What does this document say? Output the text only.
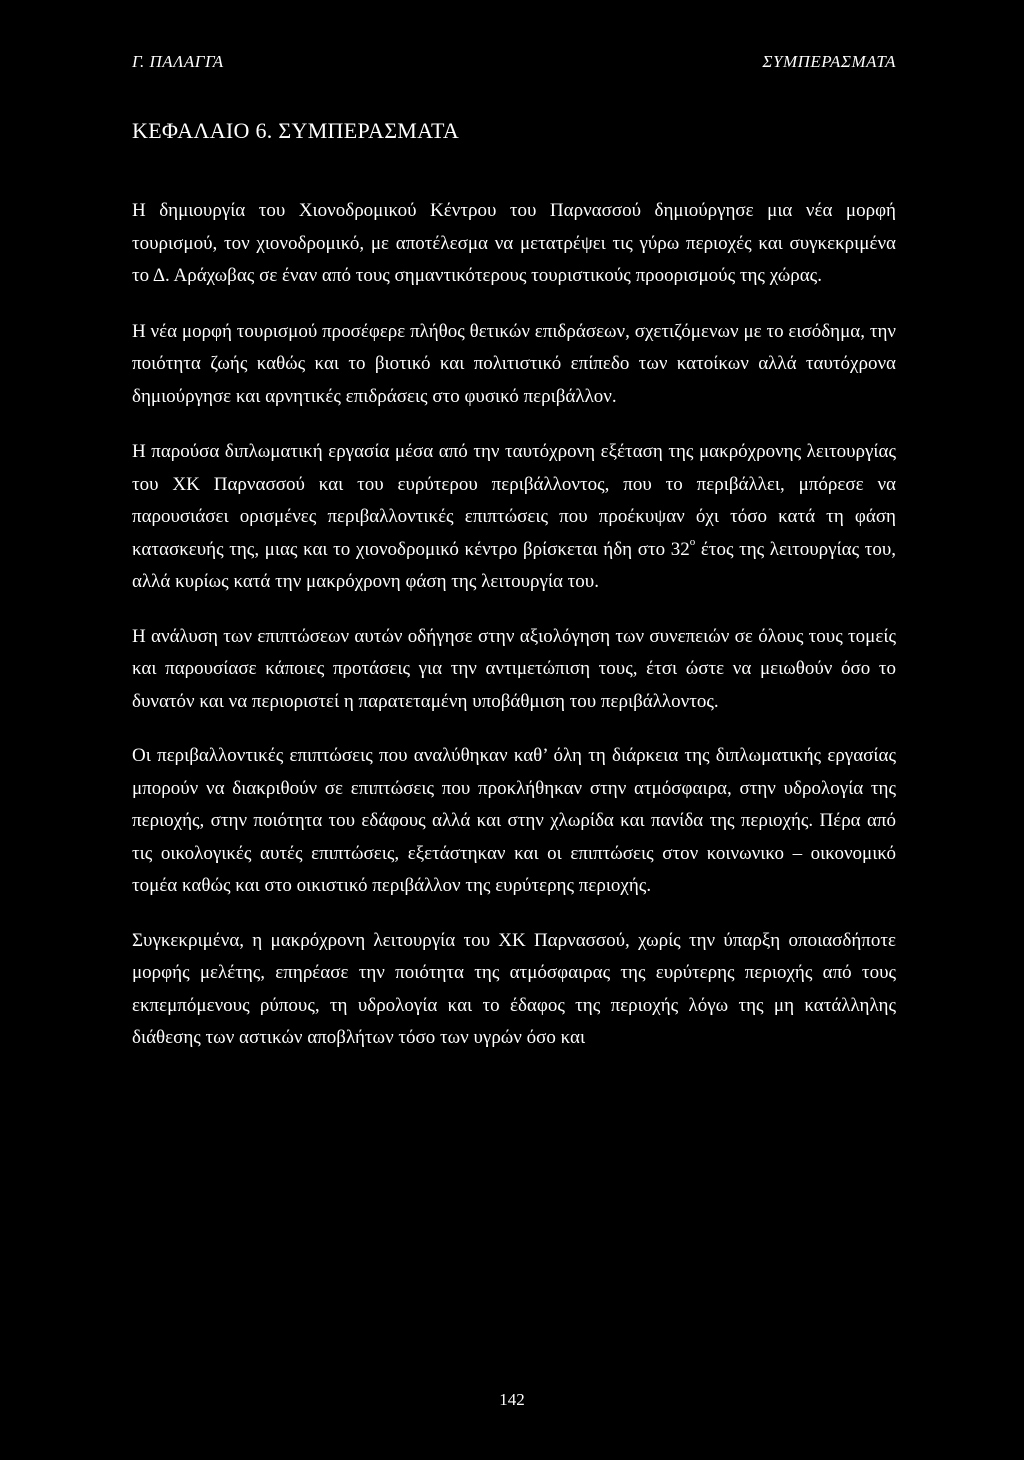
Γ. ΠΑΛΑΓΓΑ	ΣΥΜΠΕΡΑΣΜΑΤΑ
ΚΕΦΑΛΑΙΟ 6. ΣΥΜΠΕΡΑΣΜΑΤΑ

Η δημιουργία του Χιονοδρομικού Κέντρου του Παρνασσού δημιούργησε μια νέα μορφή τουρισμού, τον χιονοδρομικό, με αποτέλεσμα να μετατρέψει τις γύρω περιοχές και συγκεκριμένα το Δ. Αράχωβας σε έναν από τους σημαντικότερους τουριστικούς προορισμούς της χώρας.

Η νέα μορφή τουρισμού προσέφερε πλήθος θετικών επιδράσεων, σχετιζόμενων με το εισόδημα, την ποιότητα ζωής καθώς και το βιοτικό και πολιτιστικό επίπεδο των κατοίκων αλλά ταυτόχρονα δημιούργησε και αρνητικές επιδράσεις στο φυσικό περιβάλλον.

Η παρούσα διπλωματική εργασία μέσα από την ταυτόχρονη εξέταση της μακρόχρονης λειτουργίας του ΧΚ Παρνασσού και του ευρύτερου περιβάλλοντος, που το περιβάλλει, μπόρεσε να παρουσιάσει ορισμένες περιβαλλοντικές επιπτώσεις που προέκυψαν όχι τόσο κατά τη φάση κατασκευής της, μιας και το χιονοδρομικό κέντρο βρίσκεται ήδη στο $32^o$ έτος της λειτουργίας του, αλλά κυρίως κατά την μακρόχρονη φάση της λειτουργία του.

Η ανάλυση των επιπτώσεων αυτών οδήγησε στην αξιολόγηση των συνεπειών σε όλους τους τομείς και παρουσίασε κάποιες προτάσεις για την αντιμετώπιση τους, έτσι ώστε να μειωθούν όσο το δυνατόν και να περιοριστεί η παρατεταμένη υποβάθμιση του περιβάλλοντος.

Οι περιβαλλοντικές επιπτώσεις που αναλύθηκαν καθ’ όλη τη διάρκεια της διπλωματικής εργασίας μπορούν να διακριθούν σε επιπτώσεις που προκλήθηκαν στην ατμόσφαιρα, στην υδρολογία της περιοχής, στην ποιότητα του εδάφους αλλά και στην χλωρίδα και πανίδα της περιοχής. Πέρα από τις οικολογικές αυτές επιπτώσεις, εξετάστηκαν και οι επιπτώσεις στον κοινωνικο – οικονομικό τομέα καθώς και στο οικιστικό περιβάλλον της ευρύτερης περιοχής.

Συγκεκριμένα, η μακρόχρονη λειτουργία του ΧΚ Παρνασσού, χωρίς την ύπαρξη οποιασδήποτε μορφής μελέτης, επηρέασε την ποιότητα της ατμόσφαιρας της ευρύτερης περιοχής από τους εκπεμπόμενους ρύπους, τη υδρολογία και το έδαφος της περιοχής λόγω της μη κατάλληλης διάθεσης των αστικών αποβλήτων τόσο των υγρών όσο και

142
